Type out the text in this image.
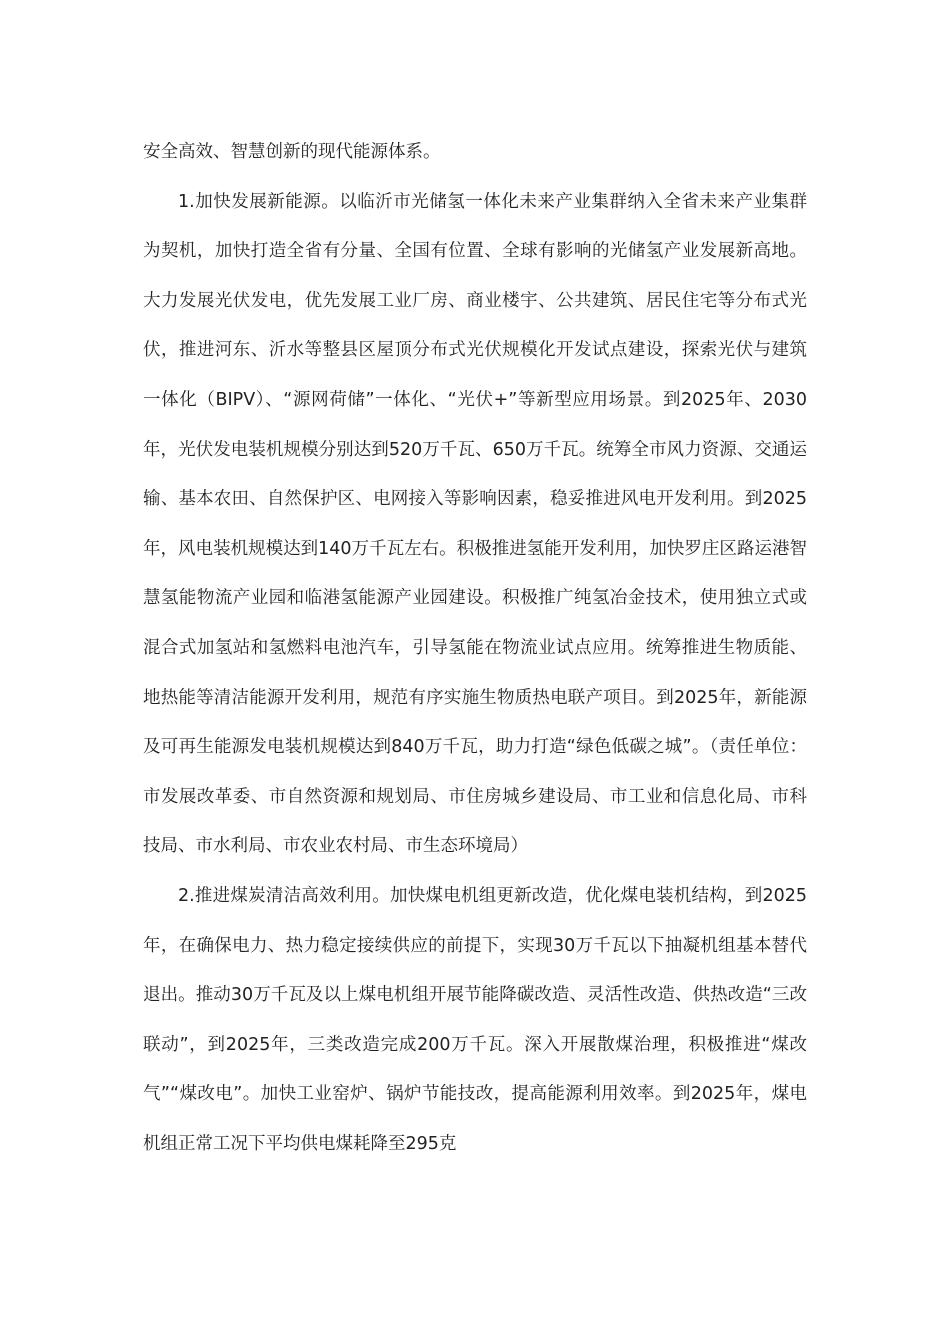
安全高效、智慧创新的现代能源体系。

1.加快发展新能源。以临沂市光储氢一体化未来产业集群纳入全省未来产业集群为契机，加快打造全省有分量、全国有位置、全球有影响的光储氢产业发展新高地。大力发展光伏发电，优先发展工业厂房、商业楼宇、公共建筑、居民住宅等分布式光伏，推进河东、沂水等整县区屋顶分布式光伏规模化开发试点建设，探索光伏与建筑一体化（BIPV）、“源网荷储”一体化、“光伏+”等新型应用场景。到2025年、2030年，光伏发电装机规模分别达到520万千瓦、650万千瓦。统筹全市风力资源、交通运输、基本农田、自然保护区、电网接入等影响因素，稳妥推进风电开发利用。到2025年，风电装机规模达到140万千瓦左右。积极推进氢能开发利用，加快罗庄区路运港智慧氢能物流产业园和临港氢能源产业园建设。积极推广纯氢冶金技术，使用独立式或混合式加氢站和氢燃料电池汽车，引导氢能在物流业试点应用。统筹推进生物质能、地热能等清洁能源开发利用，规范有序实施生物质热电联产项目。到2025年，新能源及可再生能源发电装机规模达到840万千瓦，助力打造“绿色低碳之城”。（责任单位：市发展改革委、市自然资源和规划局、市住房城乡建设局、市工业和信息化局、市科技局、市水利局、市农业农村局、市生态环境局）

2.推进煤炭清洁高效利用。加快煤电机组更新改造，优化煤电装机结构，到2025年，在确保电力、热力稳定接续供应的前提下，实现30万千瓦以下抽凝机组基本替代退出。推动30万千瓦及以上煤电机组开展节能降碳改造、灵活性改造、供热改造“三改联动”，到2025年，三类改造完成200万千瓦。深入开展散煤治理，积极推进“煤改气”“煤改电”。加快工业窑炉、锅炉节能技改，提高能源利用效率。到2025年，煤电机组正常工况下平均供电煤耗降至295克
